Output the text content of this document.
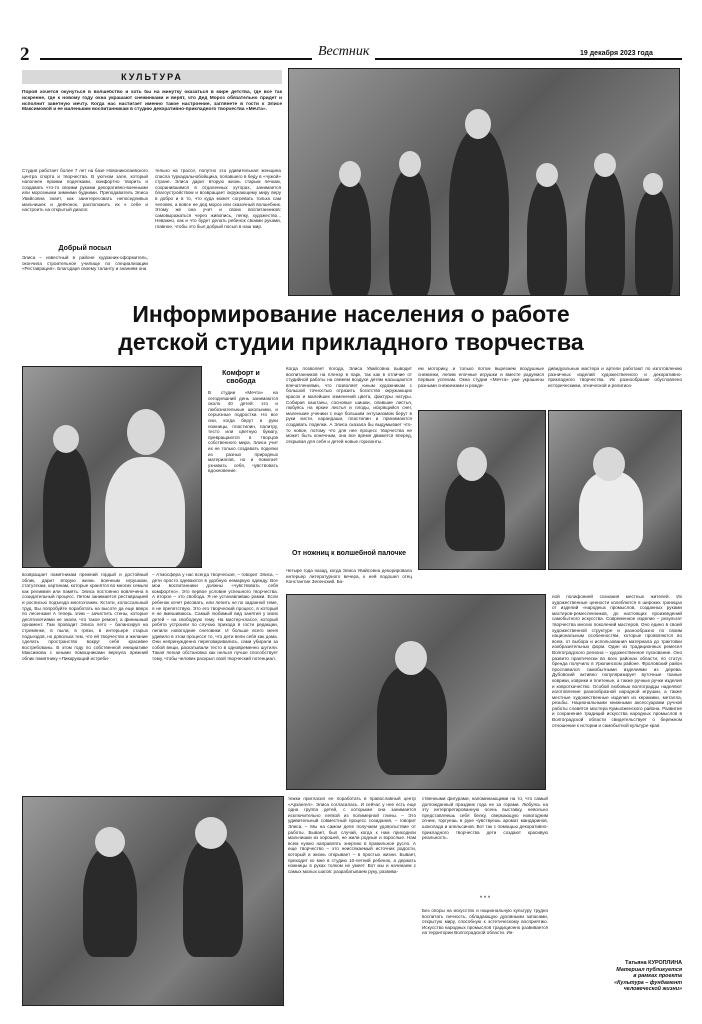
2	Вестник	19 декабря 2023 года
КУЛЬТУРА
Порой хочется окунуться в волшебство и хоть бы на минутку оказаться в мире детства, где все так искренне, где к новому году окна украшают снежинками и верят, что Дед Мороз обязательно придет и исполнит заветную мечту. Когда нас настигает именно такое настроение, заглянете в гости к Элисе Максимовой и ее маленьким воспитанникам в студию декоративно-прикладного творчества «Мечта».
Студия работает более 7 лет на базе Новониколаевского центра спорта и творчества. В уютном зале, который наполнен яркими поделками, комфортно творить и создавать что-то своими руками декоративно-военными или морозными зимними будними. Преподаватель Элиса Увайсовна знает, как заинтересовать непоседливых мальчишек и девчонок, расположить их к себе и настроить на открытый диалог.
Добрый посыл
Элиса – известный в районе художник-оформитель, окончила строительное училище по специализации «Реставрация». Благодаря своему таланту и знаниям она
тельно на трассе, попутно эта удивительная женщина спасла туркадальнобойщика, попавшего в беду в «чужой» стране. Элиса дарит вторую жизнь старым печкам, сохранившимся в отдаленных хуторах, занимается благоустройством и возвращает окружающему миру веру в добро и в то, что куда может согревать только сам человек, а вовсе не дед мороз или сказочный волшебник. Этому же она учит и своих воспитанников: самовыражаться через живопись, лепку, художество... Неважно, как и что будет делать ребенок своими руками, главное, чтобы это был добрый посыл в наш мир.
Информирование населения о работе
детской студии прикладного творчества
Комфорт и свобода
В студии «Мечта» на сегодняшний день занимаются около 40 детей: это и любознательные школьники, и серьезные подростки. Но все они, когда берут в руки ножницы, пластилин, палитру, тесто или цветную бумагу, превращаются в творцов собственного мира. Элиса учит их не только создавать поделки из разных природных материалов, но и помогает узнавать себя, чувствовать вдохновение.
возвращает памятникам прежний гордый и достойный облик, дарит вторую жизнь военным игрушкам, статуэткам, картинам, которые хранятся во многих семьях как реликвия или память. Элиса постоянно вовлечена в созидательный процесс. Летом занимается реставрацией и росписью подъезда многоэтажек. Кстати, колоссальный труд. Вы попробуйте поработать на высоте да еще вверх по лесенкам! А теперь этим – зачистить стены, которые десятилетиями не знали, что такое ремонт, а финишный орнамент. Там проводит Элиса лето – балансируя на стремянке, в пыли, в грязи, в интерьере старых подъездов, но доволька тем, что ей творчество и желание сделать пространство вокруг себя красивее востребованы. В этом году по собственной инициативе Максимова с юными помощниками вернула прежний облик памятнику «Пикирующий истреби-
– Атмосфера у нас всегда творческая, – говорит Элиса, – дети просто одеваются в удобную немаркую одежду. Все мои воспитанники должны «чувствовать себя комфортно». Это первое условие успешного творчества. А второе – это свобода. Я не устанавливаю рамки. Если ребенок хочет рисовать, или лепить не по заданной теме, я не препятствую. Это его творческий процесс, в который я не вмешиваюсь. Самый любимый вид занятия у моих детей – на свободную тему. На мастер-классе, который ребята устроили по случаю прихода в гости редакции, лепили новогодние снеговики. И больше всего меня удивило в этом процессе то, что дети вели себя как дома. Они непринужденно переговаривались, сами убирали за собой вещи, раскатывали тесто в одновременно шутили. Такая легкая обстановка как нельзя лучше способствует тому, чтобы человек раскрыл свой творческий потенциал.
Когда позволяет погода, Элиса Увайсовна выводит воспитанников на пленэр в парк, так как в отличие от студийной работы на свежем воздухе детям насыщаются впечатлениями, что позволяет юным художникам с большой точностью отразить богатство окружающих красок и малейших изменений цвета, фактуры натуры. Собирая каштаны, сосновые шишки, опавшие листья, любуясь на яркие листья и плоды, искрящийся снег, маленькие ученики с еще большим энтузиазмом берут в руки кисти, карандаши, пластилин и принимаются создавать поделки. А Элиса сказала бы выдумывает что-то новое, потому что для нее процесс творчества не может быть конечным, она все время движется вперед, открывая для себя и детей новые горизонты.
От ножниц к волшебной палочке
Четыре года назад, когда Элиса Увайсовна декорировала интерьер литературного вечера, к ней подошел отец Константин Зеленский. Ба-
ем моторику, и только потом вырезаем воздушные снежинки, лепим елочные игрушки и вместе радуемся первым успехам. Окна студии «Мечта» уже украшены разными снежинками и рожде-
дивидуальные мастера и артели работают по изготовлению разничных изделий художественного и декоративно-прикладного творчества. Их разнообразие обусловлено историческими, этнической и религиоз-
ной полифонией сознания местных жителей. Их художественные ценности колеблются в широких границах от изделий «народных промыслов, созданных руками мастеров-ремесленников, до настоящих произведений самобытного искусства. Современное изделие – результат творчества многих поколений мастеров. Оно едино в своей художественной структуре и разнообразно по своим национальным особенностям, которые проявляются во всем, от выбора и использования материала до трактовки изобразительных форм. Один из традиционных ремесел Волгоградского региона – художественное лускование. Оно развито практически во всех районах области, по статус бренда получило в Урюпинском районе. Фроловский район прославился самобытными изделиями из дерева. Дубовский активно популяризирует вуточные тканые коврики, коврики и плетеные, а также ручные ручки изделия и ковроткачество. Особой любовью волгоградцы наделяют изготовление разнообразной народной игрушки, а также местные художественные изделия из керамики, металла, резьбы. Национальными книжными аксессуарами ручной работы славятся мастера Кумылженского района. Развитие и сохранение традиций искусства народных промыслов в Волгоградской области свидетельствует о бережном отношении к истории и самобытной культуре края.
тежки пригласил ее поработать в православный центр «Архангел». Элиса согласилась. И сейчас у нее есть еще одна группа детей, с которыми она занимается исключительно лепкой из полимерной глины. – Это удивительный совместный процесс созидания, – говорит Элиса. – Мы на самом деле получаем удовольствие от работы. Бывает, был случай, когда к нам приходили мальчишки из хорошей, не жили родные и взрослые. Нам всем нужно направлять энергию в правильное русло. А еще творчество – это неиссякаемый источник радости, который и жизнь открывает – в простых жизни. Бывает, приходит ко мне в студию 10-летний ребенок, а держать ножницы в руках толком не умеет. Вот мы и начинаем с самых малых шагов: разрабатываем руку, развива-
ственными фигурами, напоминающими на то, что самый долгожданный праздник года не за горами. Любуясь на эту интерпретированную осень выставку, невольно представляешь себя белку, сверкающую новогодним огнем, торгуешь в руке чувствуешь аромат мандаринов, шоколада и апельсинов. Вот так с помощью декоративно-прикладного творчества дети создают красивую реальность.
* * *
Без опоры на искусство и национальную культуру трудно воспитать личность, обладающую духовными запасами, открытую миру, способную к эстетическому восприятию. Искусство народных промыслов традиционно развивается на территории Волгоградской области. Ин-
Татьяна КУРОПЛИНА
Материал публикуется
в рамках проекта
«Культура – фундамент
человеческой жизни»
